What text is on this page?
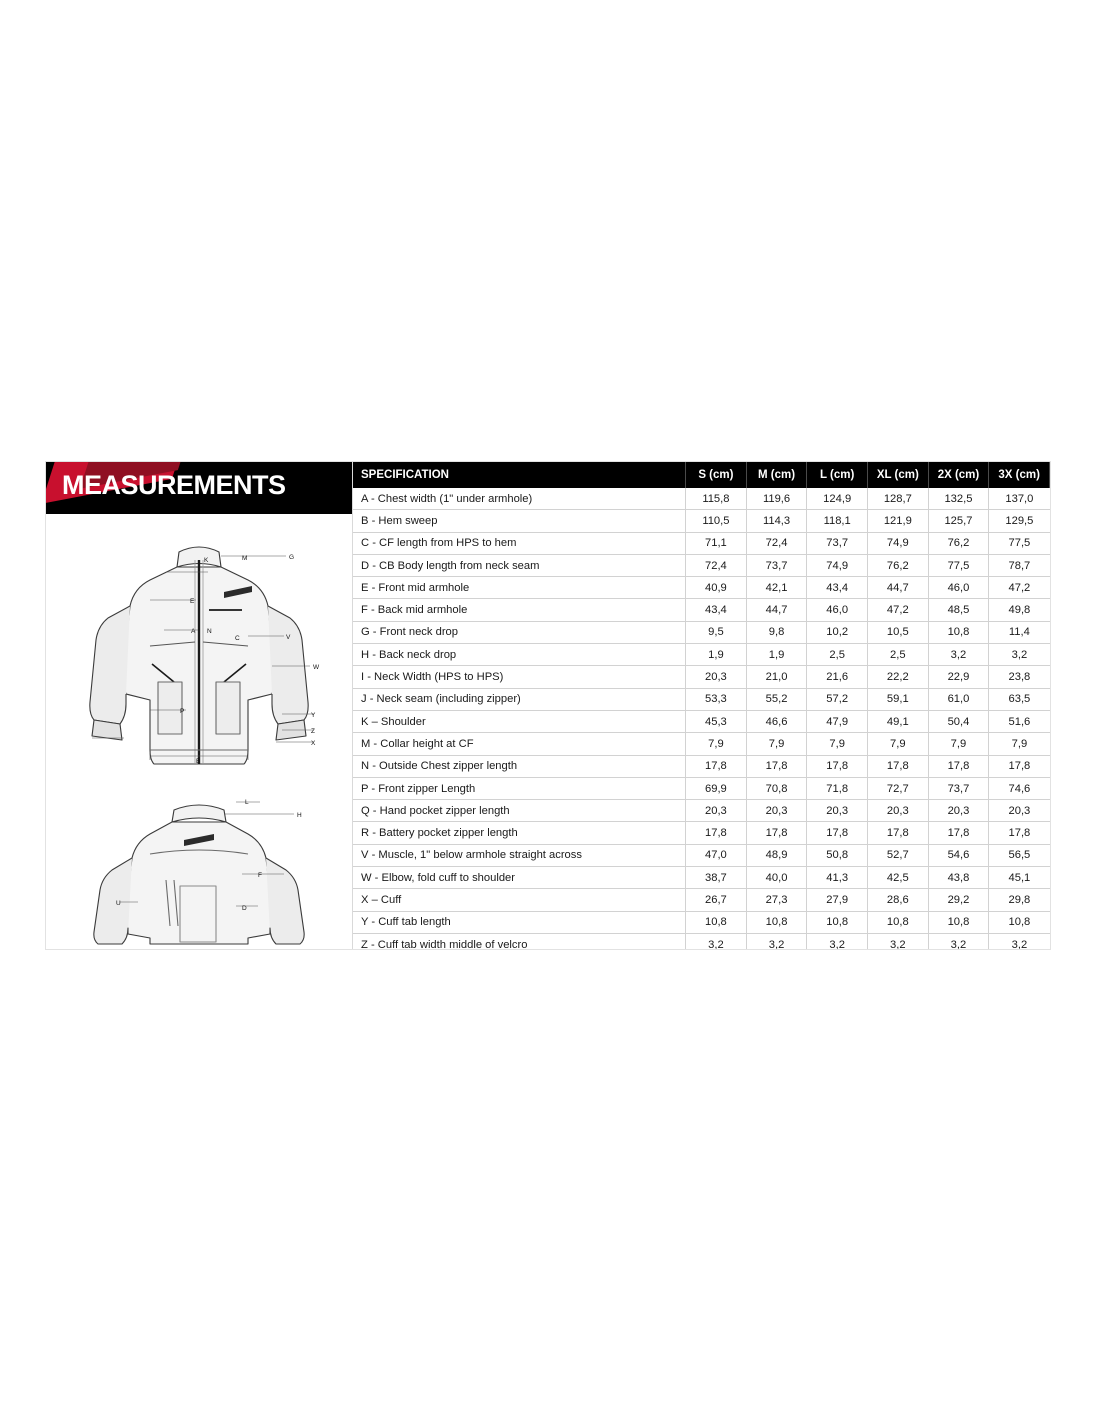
MEASUREMENTS
K	M	G
E
A N
C	V
W
P
Y
Z
X
B
L
H
F
U
D
SPECIFICATION	S (cm)	M (cm)	L (cm)	XL (cm)	2X (cm)	3X (cm)
A - Chest width (1" under armhole)	115,8	119,6	124,9	128,7	132,5	137,0
B - Hem sweep	110,5	114,3	118,1	121,9	125,7	129,5
C - CF length from HPS to hem	71,1	72,4	73,7	74,9	76,2	77,5
D - CB Body length from neck seam	72,4	73,7	74,9	76,2	77,5	78,7
E - Front mid armhole	40,9	42,1	43,4	44,7	46,0	47,2
F - Back mid armhole	43,4	44,7	46,0	47,2	48,5	49,8
G - Front neck drop	9,5	9,8	10,2	10,5	10,8	11,4
H - Back neck drop	1,9	1,9	2,5	2,5	3,2	3,2
I - Neck Width (HPS to HPS)	20,3	21,0	21,6	22,2	22,9	23,8
J - Neck seam (including zipper)	53,3	55,2	57,2	59,1	61,0	63,5
K – Shoulder	45,3	46,6	47,9	49,1	50,4	51,6
M - Collar height at CF	7,9	7,9	7,9	7,9	7,9	7,9
N - Outside Chest zipper length	17,8	17,8	17,8	17,8	17,8	17,8
P - Front zipper Length	69,9	70,8	71,8	72,7	73,7	74,6
Q - Hand pocket zipper length	20,3	20,3	20,3	20,3	20,3	20,3
R - Battery pocket zipper length	17,8	17,8	17,8	17,8	17,8	17,8
V - Muscle, 1" below armhole straight across	47,0	48,9	50,8	52,7	54,6	56,5
W - Elbow, fold cuff to shoulder	38,7	40,0	41,3	42,5	43,8	45,1
X – Cuff	26,7	27,3	27,9	28,6	29,2	29,8
Y - Cuff tab length	10,8	10,8	10,8	10,8	10,8	10,8
Z - Cuff tab width middle of velcro	3,2	3,2	3,2	3,2	3,2	3,2
